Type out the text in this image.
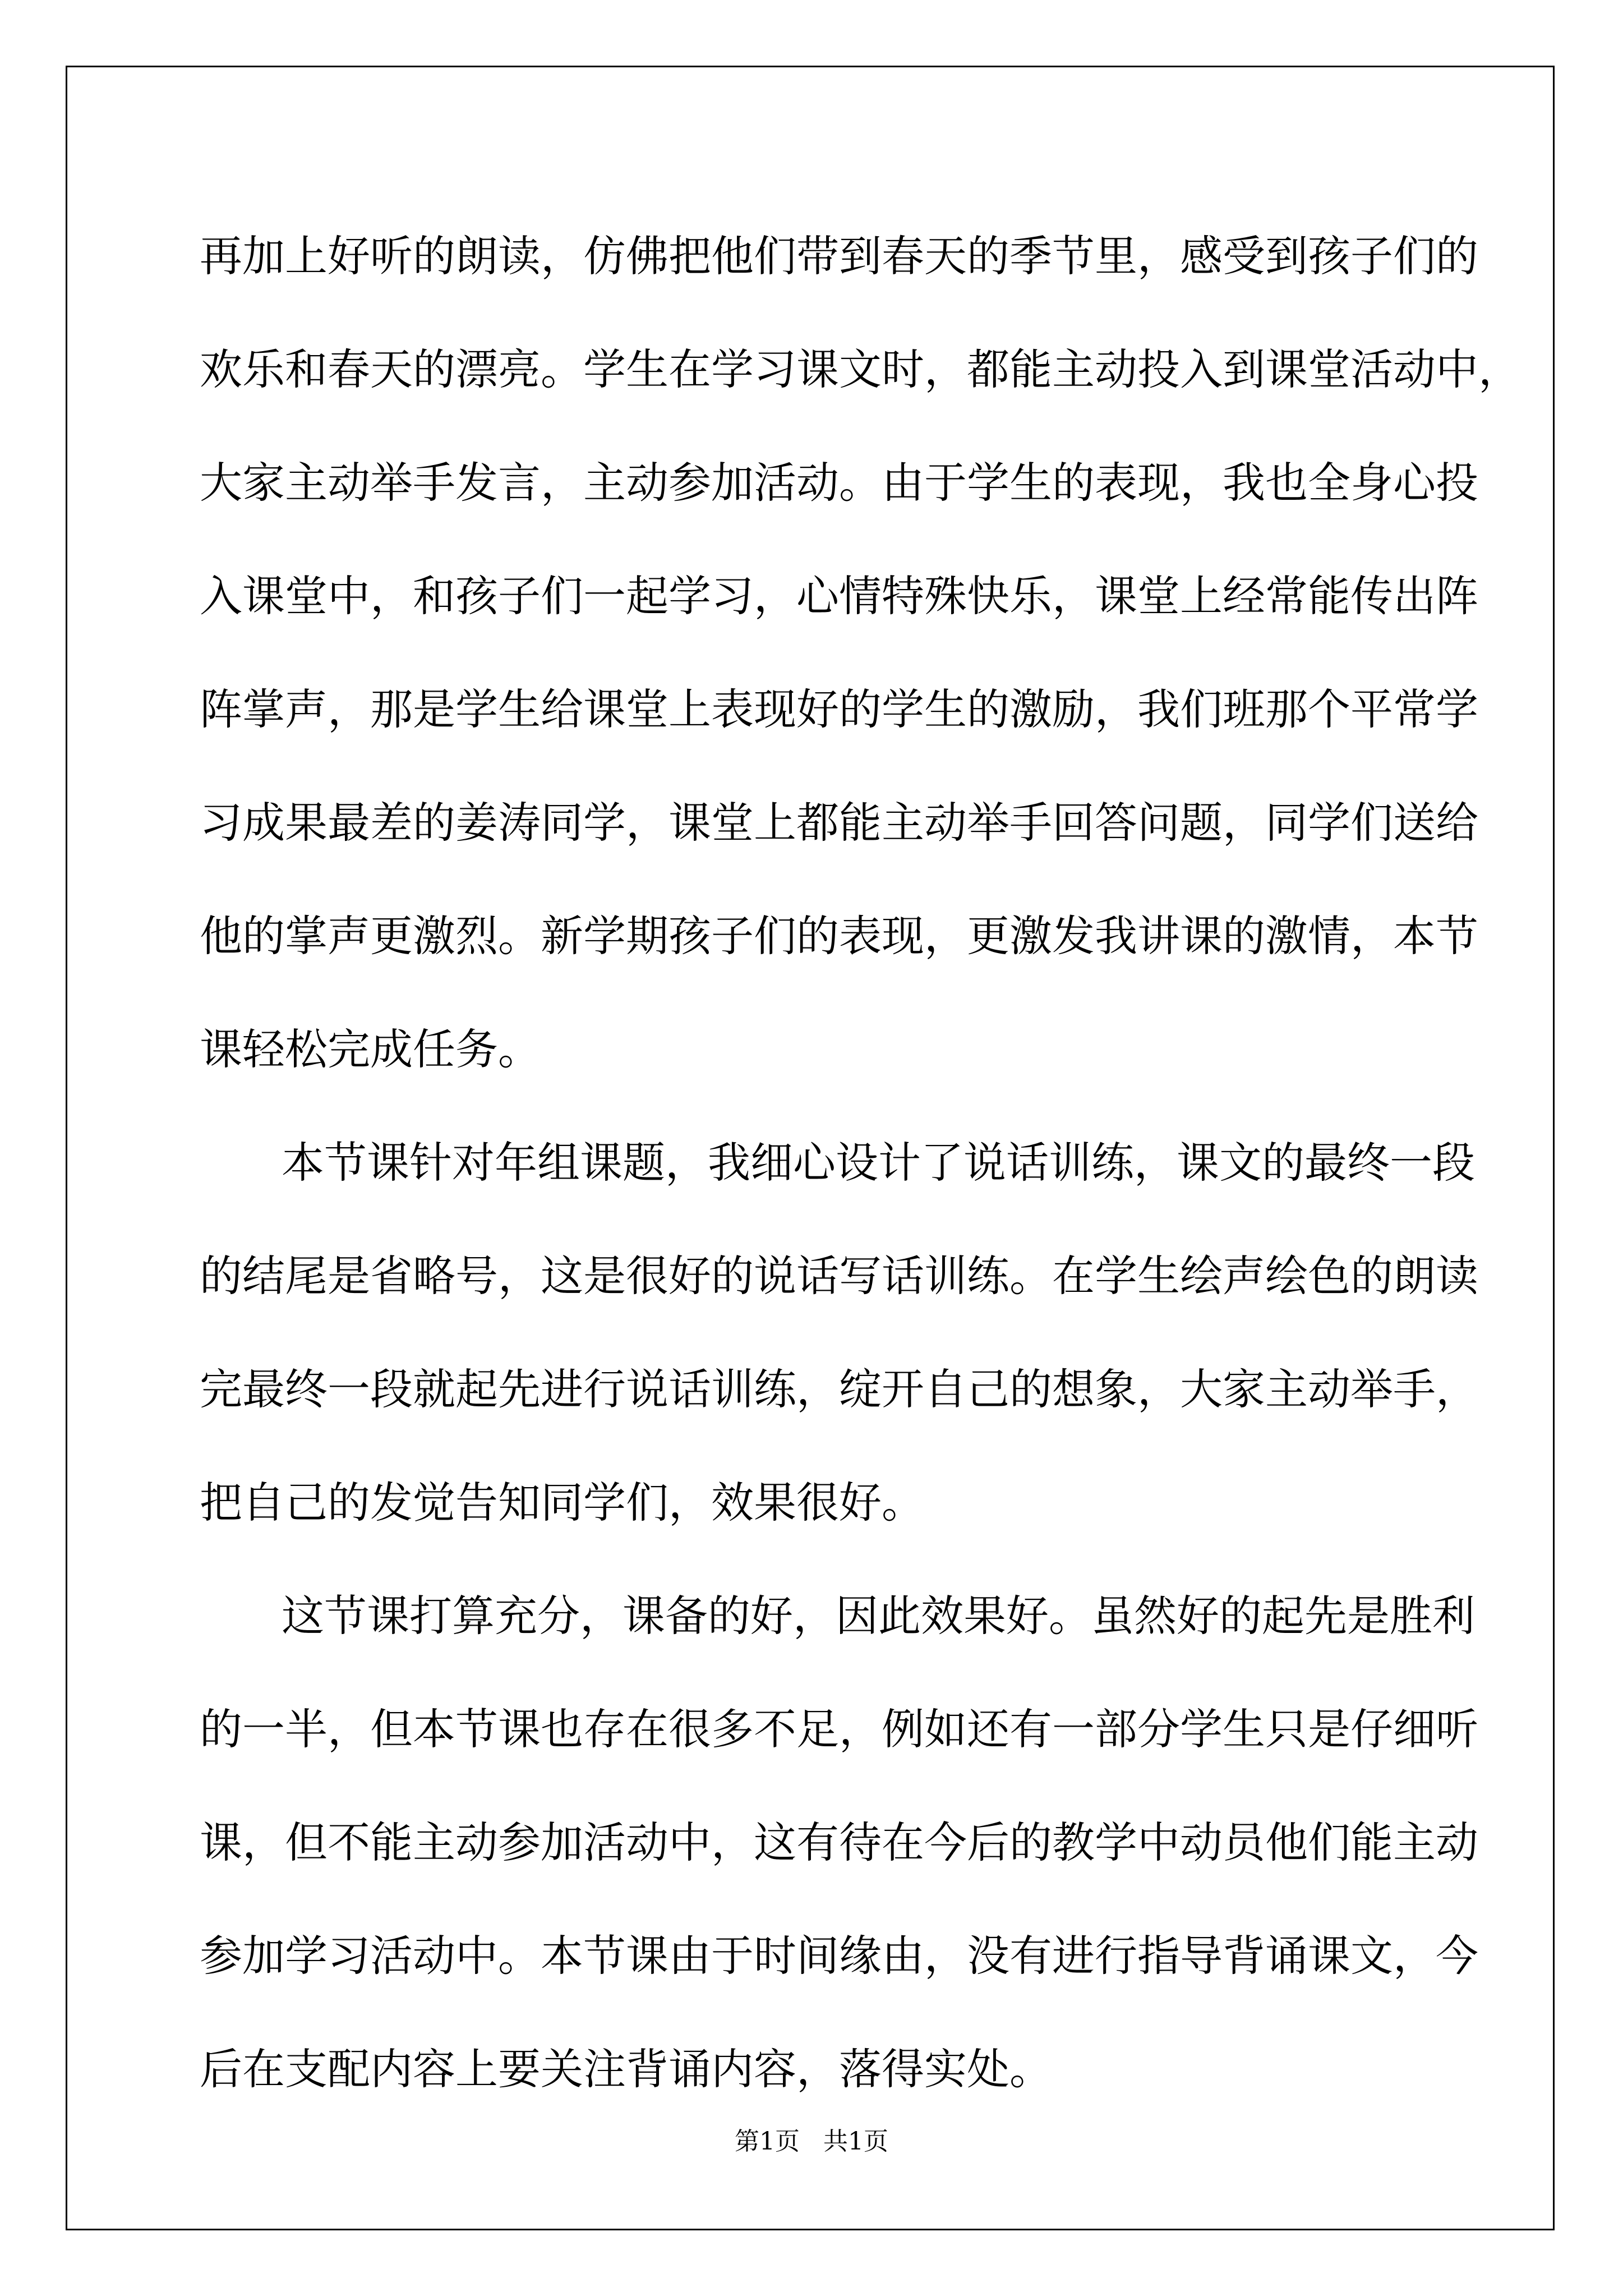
再加上好听的朗读，仿佛把他们带到春天的季节里，感受到孩子们的
欢乐和春天的漂亮。学生在学习课文时，都能主动投入到课堂活动中，
大家主动举手发言，主动参加活动。由于学生的表现，我也全身心投
入课堂中，和孩子们一起学习，心情特殊快乐，课堂上经常能传出阵
阵掌声，那是学生给课堂上表现好的学生的激励，我们班那个平常学
习成果最差的姜涛同学，课堂上都能主动举手回答问题，同学们送给
他的掌声更激烈。新学期孩子们的表现，更激发我讲课的激情，本节
课轻松完成任务。
本节课针对年组课题，我细心设计了说话训练，课文的最终一段
的结尾是省略号，这是很好的说话写话训练。在学生绘声绘色的朗读
完最终一段就起先进行说话训练，绽开自己的想象，大家主动举手，
把自己的发觉告知同学们，效果很好。
这节课打算充分，课备的好，因此效果好。虽然好的起先是胜利
的一半，但本节课也存在很多不足，例如还有一部分学生只是仔细听
课，但不能主动参加活动中，这有待在今后的教学中动员他们能主动
参加学习活动中。本节课由于时间缘由，没有进行指导背诵课文，今
后在支配内容上要关注背诵内容，落得实处。
第1页   共1页
